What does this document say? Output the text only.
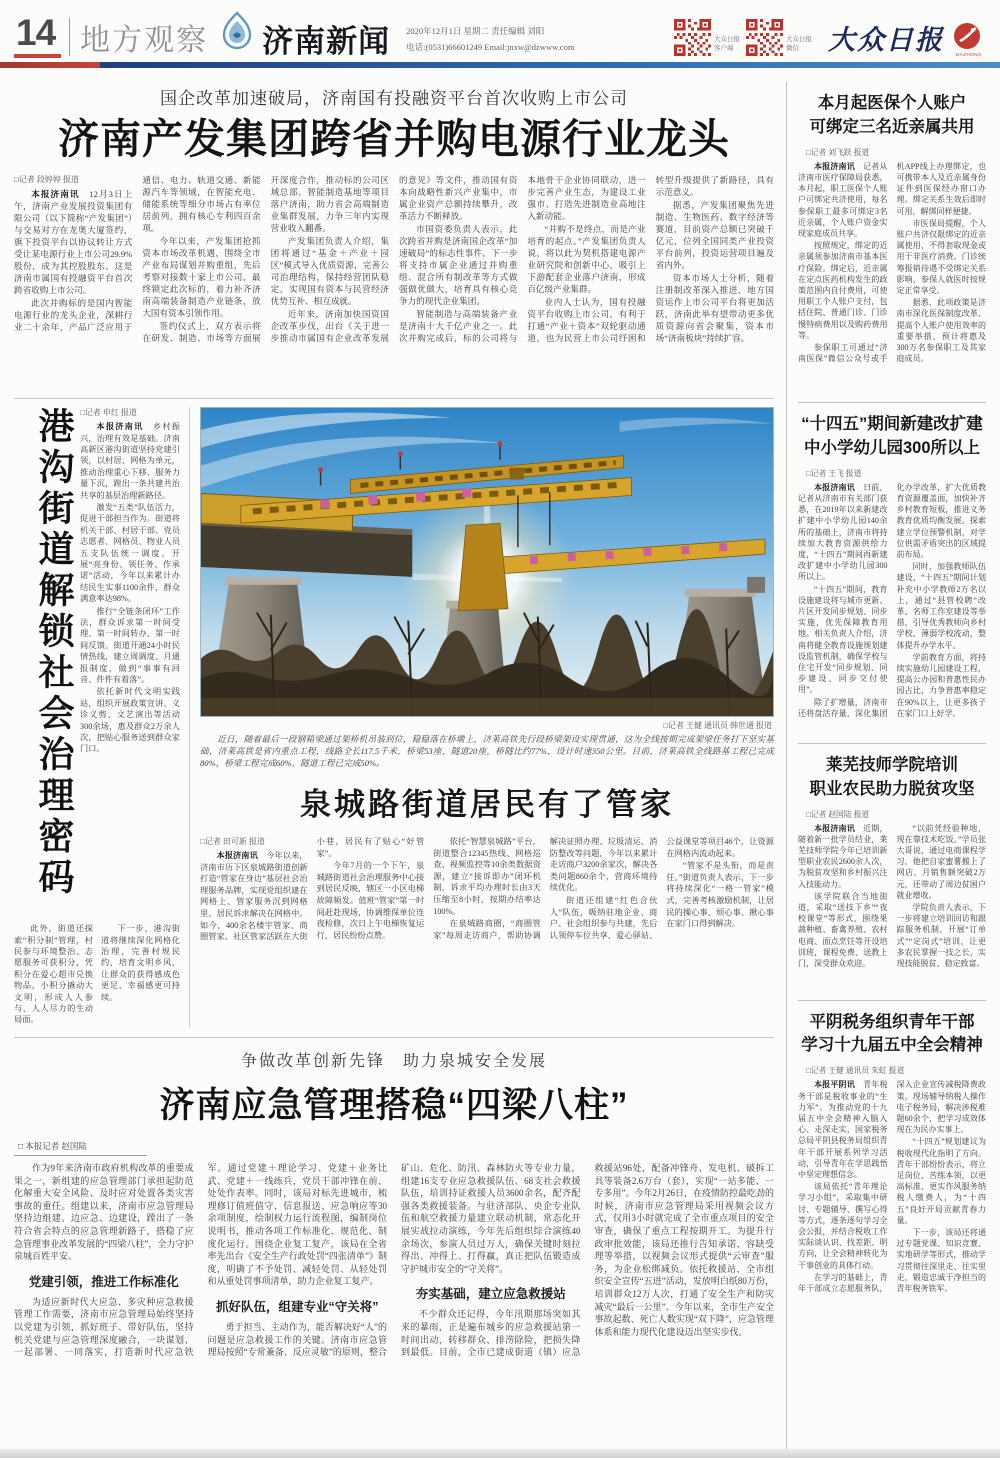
14 地方观察 济南新闻 2020年12月1日 星期二 责任编辑 刘阳
电话:(0531)66601249 Email:jnxw@dzwww.com
大众日报
客户端
大众日报
微信	大众日报	DAZHONG
国企改革加速破局，济南国有投融资平台首次收购上市公司
济南产发集团跨省并购电源行业龙头

□记者 段婷婷 报道

本报济南讯　 12月3日上午，济南产业发展投资集团有限公司（以下简称“产发集团”）与交易对方在龙奥大厦签约，旗下投资平台以协议转让方式受让某电源行业上市公司29.9%股份，成为其控股股东。这是济南市属国有投融资平台首次跨省收购上市公司。

此次并购标的是国内智能电源行业的龙头企业，深耕行业二十余年，产品广泛应用于通信、电力、轨道交通、新能源汽车等领域，在智能充电、储能系统等细分市场占有率位居前列，拥有核心专利四百余项。

今年以来，产发集团抢抓资本市场改革机遇，围绕全市产业布局谋划并购重组，先后考察对接数十家上市公司，最终锁定此次标的，着力补齐济南高端装备制造产业链条，放大国有资本引领作用。

签约仪式上，双方表示将在研发、制造、市场等方面展开深度合作，推动标的公司区域总部、智能制造基地等项目落户济南，助力省会高端制造业集群发展，力争三年内实现营业收入翻番。

产发集团负责人介绍，集团将通过“基金＋产业＋园区”模式导入优质资源，完善公司治理结构，保持经营团队稳定，实现国有资本与民营经济优势互补、相互成就。

近年来，济南加快国资国企改革步伐，出台《关于进一步推动市属国有企业改革发展的意见》等文件，推动国有资本向战略性新兴产业集中，市属企业资产总额持续攀升，改革活力不断释放。

市国资委负责人表示，此次跨省并购是济南国企改革“加速破局”的标志性事件，下一步将支持市属企业通过并购重组、混合所有制改革等方式做强做优做大，培育具有核心竞争力的现代企业集团。

智能制造与高端装备产业是济南十大千亿产业之一。此次并购完成后，标的公司将与本地骨干企业协同联动，进一步完善产业生态，为建设工业强市、打造先进制造业高地注入新动能。

“并购不是终点，而是产业培育的起点。”产发集团负责人说，将以此为契机搭建电源产业研究院和创新中心，吸引上下游配套企业落户济南，形成百亿级产业集群。

业内人士认为，国有投融资平台收购上市公司，有利于打通“产业＋资本”双轮驱动通道，也为民营上市公司纾困和转型升级提供了新路径，具有示范意义。

据悉，产发集团聚焦先进制造、生物医药、数字经济等赛道，目前资产总额已突破千亿元，位列全国同类产业投资平台前列，投资运营项目遍及省内外。

资本市场人士分析，随着注册制改革深入推进，地方国资运作上市公司平台将更加活跃，济南此举有望带动更多优质资源向省会聚集，资本市场“济南板块”持续扩容。

港沟街道解锁社会治理密码 □记者 申红 报道

本报济南讯　 乡村振兴，治理有效是基础。济南高新区港沟街道坚持党建引领，以村居、网格为单元，推动治理重心下移、服务力量下沉，蹚出一条共建共治共享的基层治理新路径。

激发“五类”队伍活力，促进干部担当作为。街道将机关干部、村居干部、党员志愿者、网格员、物业人员五支队伍统一调度，开展“亮身份、领任务、作承诺”活动，今年以来累计办结民生实事1100余件，群众满意率达98%。

推行“全链条闭环”工作法，群众诉求第一时间受理、第一时间转办、第一时间反馈。街道开通24小时民情热线，建立周调度、月通报制度，做到“事事有回音、件件有着落”。

依托新时代文明实践站，组织开展政策宣讲、义诊义剪、文艺演出等活动300余场，惠及群众2万余人次，把贴心服务送到群众家门口。

此外，街道还探索“积分制”管理，村民参与环境整治、志愿服务可获积分，凭积分在爱心超市兑换物品，小积分撬动大文明，形成人人参与、人人尽力的生动局面。

下一步，港沟街道将继续深化网格化治理，完善村规民约，培育文明乡风，让群众的获得感成色更足、幸福感更可持续。

□记者 王健 通讯员 韩世通 报道
近日，随着最后一段钢箱梁通过架桥机吊装到位，稳稳落在桥墩上，济莱高铁先行段桥梁架设实现贯通，这为全线按期完成架梁任务打下坚实基础，济莱高铁是省内重点工程，线路全长117.5千米，桥梁53座，隧道20座，桥隧比约77%，设计时速350公里。目前，济莱高铁全线路基工程已完成80%，桥梁工程完成60%，隧道工程已完成50%。
泉城路街道居民有了管家

□记者 田可新 报道

本报济南讯　 今年以来，济南市历下区泉城路街道创新打造“管家在身边”基层社会治理服务品牌，实现党组织建在网格上、管家服务沉到网格里、居民诉求解决在网格中。如今，400余名楼宇管家、商圈管家、社区管家活跃在大街小巷，居民有了贴心“好管家”。

今年7月的一个下午，泉城路街道社会治理服务中心接到居民反映，辖区一小区电梯故障频发。值班“管家”第一时间赶赴现场，协调维保单位连夜检修，次日上午电梯恢复运行，居民纷纷点赞。

依托“智慧泉城路”平台，街道整合12345热线、网格巡查、视频监控等10余类数据资源，建立“接诉即办”闭环机制，诉求平均办理时长由3天压缩至8小时，按期办结率达100%。

在泉城路商圈，“商圈管家”每周走访商户，帮助协调解决证照办理、垃圾清运、消防整改等问题，今年以来累计走访商户3200余家次，解决各类问题860余个，营商环境持续优化。

街道还组建“红色合伙人”队伍，吸纳驻地企业、商户、社会组织参与共建，先后认领停车位共享、爱心驿站、公益课堂等项目46个，让资源在网格内流动起来。

“管家不是头衔，而是责任。”街道负责人表示，下一步将持续深化“一格一管家”模式，完善考核激励机制，让居民的操心事、烦心事、揪心事在家门口得到解决。

争做改革创新先锋　助力泉城安全发展
济南应急管理搭稳“四梁八柱”
□ 本报记者 赵国陆

作为9年来济南市政府机构改革的重要成果之一，新组建的应急管理部门承担起防范化解重大安全风险、及时应对处置各类灾害事故的重任。组建以来，济南市应急管理局坚持边组建、边应急、边建设，蹚出了一条符合省会特点的应急管理新路子，搭稳了应急管理事业改革发展的“四梁八柱”，全力守护泉城百姓平安。

党建引领，推进工作标准化

为适应新时代大应急、多灾种应急救援管理工作需要，济南市应急管理局始终坚持以党建为引领，抓好班子、带好队伍，坚持机关党建与应急管理深度融合，一块谋划、一起部署、一同落实，打造新时代应急铁军。通过党建＋理论学习、党建＋业务比武、党建＋一线练兵，党员干部冲锋在前、处处作表率。同时，该局对标先进城市，梳理修订值班值守、信息报送、应急响应等30余项制度，绘制权力运行流程图，编制岗位说明书，推动各项工作标准化、规范化、制度化运行。围绕企业复工复产，该局在全省率先出台《安全生产行政处罚“四张清单”》制度，明确了不予处罚、减轻处罚、从轻处罚和从重处罚事项清单，助力企业复工复产。

抓好队伍，组建专业“守关将”

勇于担当、主动作为，能否解决好“人”的问题是应急救援工作的关键。济南市应急管理局按照“专常兼备、反应灵敏”的原则，整合矿山、危化、防汛、森林防火等专业力量，组建16支专业应急救援队伍、68支社会救援队伍，培训持证救援人员3600余名，配齐配强各类救援装备。与驻济部队、央企专业队伍和航空救援力量建立联动机制，常态化开展实战拉动演练，今年先后组织综合演练40余场次，参演人员过万人，确保关键时刻拉得出、冲得上、打得赢，真正把队伍锻造成守护城市安全的“守关将”。

夯实基础，建立应急救援站

不少群众还记得，今年汛期那场突如其来的暴雨，正是遍布城乡的应急救援站第一时间出动，转移群众、排涝除险，把损失降到最低。目前，全市已建成街道（镇）应急救援站96处，配备冲锋舟、发电机、破拆工具等装备2.6万台（套），实现“一站多能、一专多用”。今年2月26日，在疫情防控最吃劲的时候，济南市应急管理局采用视频会议方式，仅用3小时就完成了全市重点项目的安全审查，确保了重点工程按期开工。为提升行政审批效能，该局还推行告知承诺、容缺受理等举措，以视频会议形式提供“云审查”服务，为企业松绑减负。依托救援站，全市组织安全宣传“五进”活动，发放明白纸80万份，培训群众12万人次，打通了安全生产和防灾减灾“最后一公里”。今年以来，全市生产安全事故起数、死亡人数实现“双下降”，应急管理体系和能力现代化建设迈出坚实步伐。

本月起医保个人账户
可绑定三名近亲属共用

□记者 刘飞跃 报道

本报济南讯　 记者从济南市医疗保障局获悉，本月起，职工医保个人账户可绑定共济使用，每名参保职工最多可绑定3名近亲属，个人账户资金实现家庭成员共享。

按照规定，绑定的近亲属须参加济南市基本医疗保险。绑定后，近亲属在定点医药机构发生的政策范围内自付费用，可使用职工个人账户支付，包括住院、普通门诊、门诊慢特病费用以及购药费用等。

参保职工可通过“济南医保”微信公众号或手机APP线上办理绑定，也可携带本人及近亲属身份证件到医保经办窗口办理。绑定关系生效后即时可用，解绑同样便捷。

市医保局提醒，个人账户共济仅限绑定的近亲属使用，不得套取现金或用于非医疗消费。门诊统筹报销待遇不受绑定关系影响，参保人就医时按规定正常享受。

据悉，此项政策是济南市深化医保制度改革、提高个人账户使用效率的重要举措，预计将惠及300万名参保职工及其家庭成员。

“十四五”期间新建改扩建
中小学幼儿园300所以上

□记者 王飞 报道

本报济南讯　 日前，记者从济南市有关部门获悉，在2019年以来新建改扩建中小学幼儿园140余所的基础上，济南市将持续加大教育资源供给力度，“十四五”期间再新建改扩建中小学幼儿园300所以上。

“十四五”期间，教育设施建设将与城市更新、片区开发同步规划、同步实施，优先保障教育用地。相关负责人介绍，济南将健全教育设施规划建设监管机制，确保学校与住宅开发“同步规划、同步建设、同步交付使用”。

除了扩增量，济南市还将盘活存量，深化集团化办学改革，扩大优质教育资源覆盖面，加快补齐乡村教育短板，推进义务教育优质均衡发展。探索建立学位预警机制，对学位供需矛盾突出的区域提前布局。

同时，加强教师队伍建设，“十四五”期间计划补充中小学教师2万名以上，通过“县管校聘”改革、名师工作室建设等举措，引导优秀教师向乡村学校、薄弱学校流动，整体提升办学水平。

学前教育方面，将持续实施幼儿园建设工程，提高公办园和普惠性民办园占比，力争普惠率稳定在90%以上，让更多孩子在家门口上好学。

莱芜技师学院培训
职业农民助力脱贫攻坚

□记者 赵国陆 报道

本报济南讯　 近期，随着新一批学员结业，莱芜技师学院今年已培训新型职业农民2600余人次，为脱贫攻坚和乡村振兴注入技能动力。

该学院联合当地街道，采取“送技下乡”“夜校课堂”等形式，围绕果蔬种植、畜禽养殖、农村电商、面点烹饪等开设培训班，课程免费、送教上门，深受群众欢迎。

“以前凭经验种地，现在靠技术吃饭。”学员张大哥说，通过电商课程学习，他把自家蜜薯搬上了网店，月销售额突破2万元，还带动了周边贫困户就业增收。

学院负责人表示，下一步将建立培训回访和跟踪服务机制，开展“订单式”“定岗式”培训，让更多农民掌握一技之长，实现技能脱贫、稳定致富。

平阴税务组织青年干部
学习十九届五中全会精神

□记者 王健 通讯员 朱虹 报道

本报平阴讯　 青年税务干部是税收事业的“生力军”。为推动党的十九届五中全会精神入脑入心、走深走实，国家税务总局平阴县税务局组织青年干部开展系列学习活动，引导青年在学思践悟中坚定理想信念。

该局依托“青年理论学习小组”，采取集中研讨、专题辅导、撰写心得等方式，逐条逐句学习全会公报，并结合税收工作实际谈认识、找差距、明方向，让全会精神转化为干事创业的具体行动。

在学习的基础上，青年干部成立志愿服务队，深入企业宣传减税降费政策，现场辅导纳税人操作电子税务局，解决涉税难题60余个，把学习成效体现在为民办实事上。

“十四五”规划建议为税收现代化指明了方向。青年干部纷纷表示，将立足岗位、苦练本领，以更高标准、更实作风服务纳税人缴费人，为“十四五”良好开局贡献青春力量。

下一步，该局还将通过专题党课、知识竞赛、实地研学等形式，推动学习贯彻往深里走、往实里走，锻造忠诚干净担当的青年税务铁军。
